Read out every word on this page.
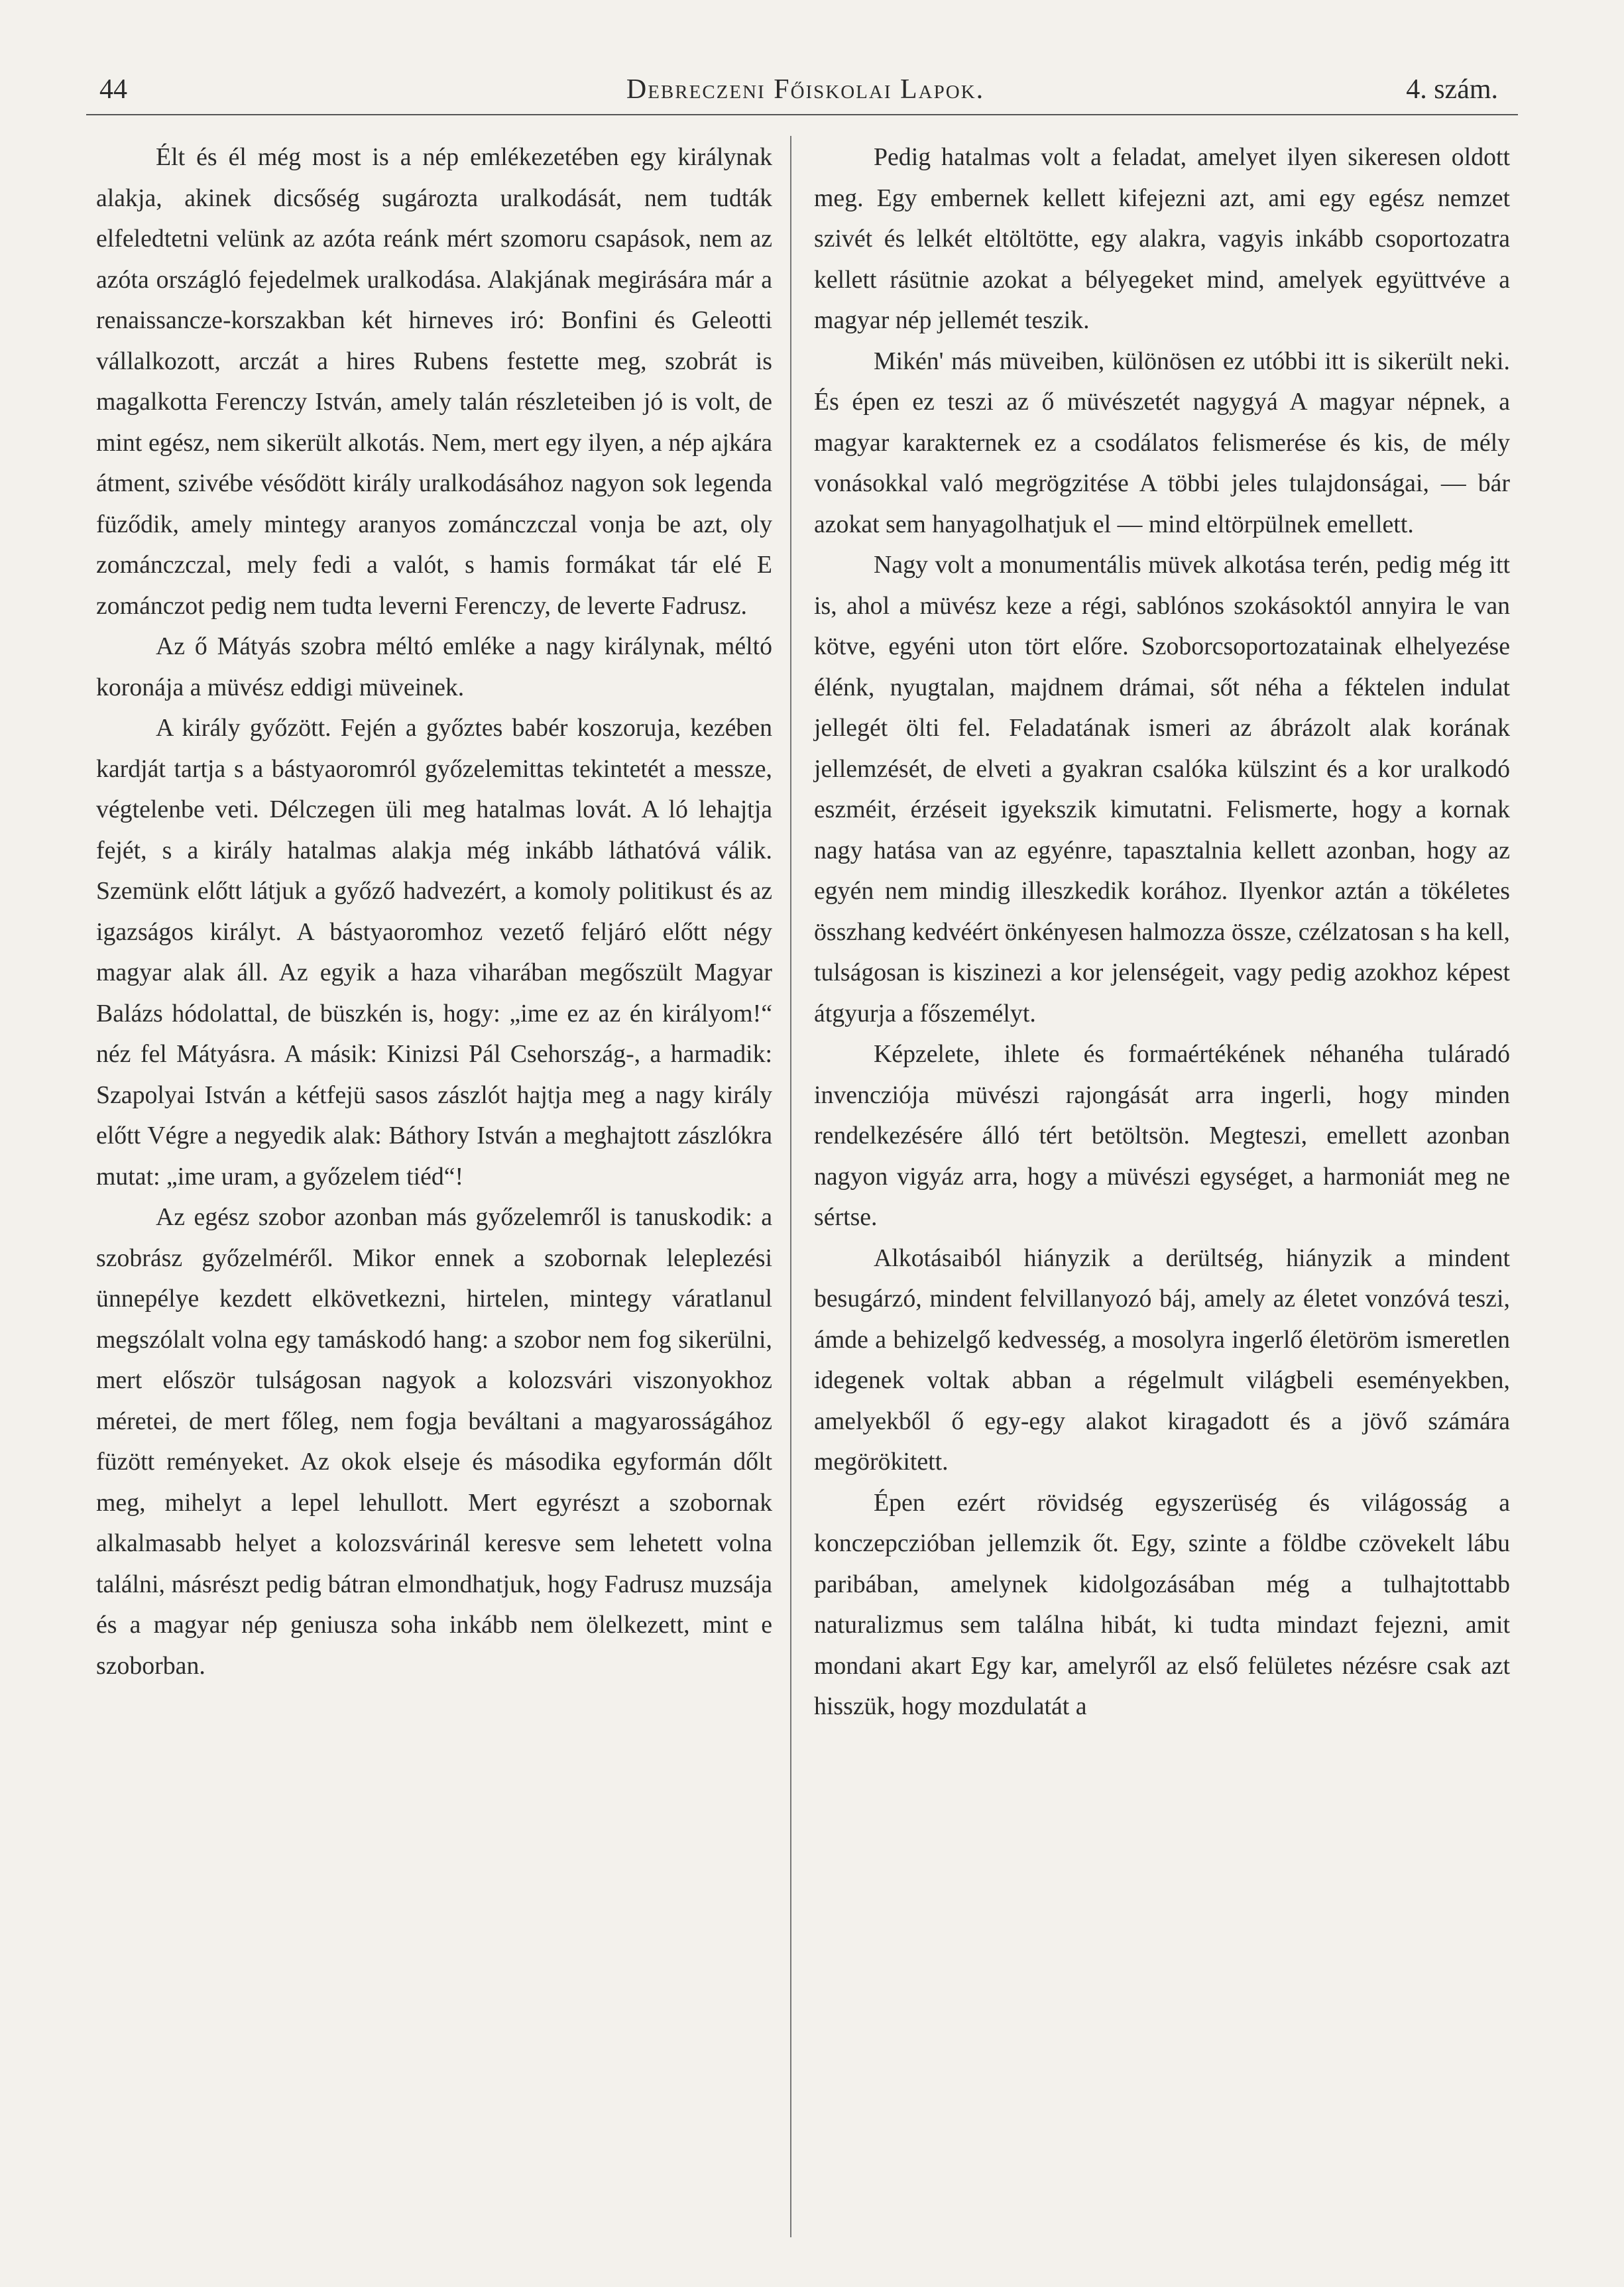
44	Debreczeni Főiskolai Lapok.	4. szám.

Élt és él még most is a nép emlékezetében egy királynak alakja, akinek dicsőség sugározta uralkodását, nem tudták elfeledtetni velünk az azóta reánk mért szomoru csapások, nem az azóta országló fejedelmek uralkodása. Alakjának megirására már a renaissancze-korszakban két hirneves iró: Bonfini és Geleotti vállalkozott, arczát a hires Rubens festette meg, szobrát is magalkotta Ferenczy István, amely talán részleteiben jó is volt, de mint egész, nem sikerült alkotás. Nem, mert egy ilyen, a nép ajkára átment, szivébe vésődött király uralkodásához nagyon sok legenda füződik, amely mintegy aranyos zománczczal vonja be azt, oly zománczczal, mely fedi a valót, s hamis formákat tár elé E zománczot pedig nem tudta leverni Ferenczy, de leverte Fadrusz.

Az ő Mátyás szobra méltó emléke a nagy királynak, méltó koronája a müvész eddigi müveinek.

A király győzött. Fején a győztes babér koszoruja, kezében kardját tartja s a bástyaoromról győzelemittas tekintetét a messze, végtelenbe veti. Délczegen üli meg hatalmas lovát. A ló lehajtja fejét, s a király hatalmas alakja még inkább láthatóvá válik. Szemünk előtt látjuk a győző hadvezért, a komoly politikust és az igazságos királyt. A bástyaoromhoz vezető feljáró előtt négy magyar alak áll. Az egyik a haza viharában megőszült Magyar Balázs hódolattal, de büszkén is, hogy: „ime ez az én királyom!“ néz fel Mátyásra. A másik: Kinizsi Pál Csehország-, a harmadik: Szapolyai István a kétfejü sasos zászlót hajtja meg a nagy király előtt Végre a negyedik alak: Báthory István a meghajtott zászlókra mutat: „ime uram, a győzelem tiéd“!

Az egész szobor azonban más győzelemről is tanuskodik: a szobrász győzelméről. Mikor ennek a szobornak leleplezési ünnepélye kezdett elkövetkezni, hirtelen, mintegy váratlanul megszólalt volna egy tamáskodó hang: a szobor nem fog sikerülni, mert először tulságosan nagyok a kolozsvári viszonyokhoz méretei, de mert főleg, nem fogja beváltani a magyarosságához füzött reményeket. Az okok elseje és másodika egyformán dőlt meg, mihelyt a lepel lehullott. Mert egyrészt a szobornak alkalmasabb helyet a kolozsvárinál keresve sem lehetett volna találni, másrészt pedig bátran elmondhatjuk, hogy Fadrusz muzsája és a magyar nép geniusza soha inkább nem ölelkezett, mint e szoborban.

Pedig hatalmas volt a feladat, amelyet ilyen sikeresen oldott meg. Egy embernek kellett kifejezni azt, ami egy egész nemzet szivét és lelkét eltöltötte, egy alakra, vagyis inkább csoportozatra kellett rásütnie azokat a bélyegeket mind, amelyek együttvéve a magyar nép jellemét teszik.

Mikén' más müveiben, különösen ez utóbbi itt is sikerült neki. És épen ez teszi az ő müvészetét nagygyá A magyar népnek, a magyar karakternek ez a csodálatos felismerése és kis, de mély vonásokkal való megrögzitése A többi jeles tulajdonságai, — bár azokat sem hanyagolhatjuk el — mind eltörpülnek emellett.

Nagy volt a monumentális müvek alkotása terén, pedig még itt is, ahol a müvész keze a régi, sablónos szokásoktól annyira le van kötve, egyéni uton tört előre. Szoborcsoportozatainak elhelyezése élénk, nyugtalan, majdnem drámai, sőt néha a féktelen indulat jellegét ölti fel. Feladatának ismeri az ábrázolt alak korának jellemzését, de elveti a gyakran csalóka külszint és a kor uralkodó eszméit, érzéseit igyekszik kimutatni. Felismerte, hogy a kornak nagy hatása van az egyénre, tapasztalnia kellett azonban, hogy az egyén nem mindig illeszkedik korához. Ilyenkor aztán a tökéletes összhang kedvéért önkényesen halmozza össze, czélzatosan s ha kell, tulságosan is kiszinezi a kor jelenségeit, vagy pedig azokhoz képest átgyurja a főszemélyt.

Képzelete, ihlete és formaértékének néhanéha tuláradó invencziója müvészi rajongását arra ingerli, hogy minden rendelkezésére álló tért betöltsön. Megteszi, emellett azonban nagyon vigyáz arra, hogy a müvészi egységet, a harmoniát meg ne sértse.

Alkotásaiból hiányzik a derültség, hiányzik a mindent besugárzó, mindent felvillanyozó báj, amely az életet vonzóvá teszi, ámde a behizelgő kedvesség, a mosolyra ingerlő életöröm ismeretlen idegenek voltak abban a régelmult világbeli eseményekben, amelyekből ő egy-egy alakot kiragadott és a jövő számára megörökitett.

Épen ezért rövidség egyszerüség és világosság a konczepczióban jellemzik őt. Egy, szinte a földbe czövekelt lábu paribában, amelynek kidolgozásában még a tulhajtottabb naturalizmus sem találna hibát, ki tudta mindazt fejezni, amit mondani akart Egy kar, amelyről az első felületes nézésre csak azt hisszük, hogy mozdulatát a
